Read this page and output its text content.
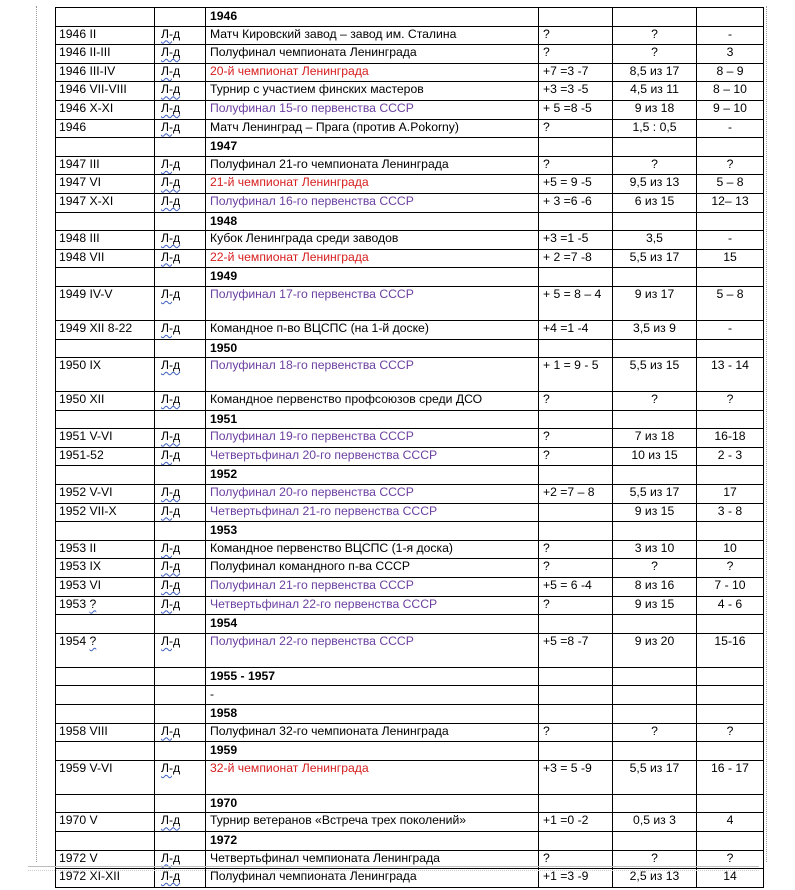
		1946			
1946 II	Л-д	Матч Кировский завод – завод им. Сталина	?	?	-
1946 II-III	Л-д	Полуфинал чемпионата Ленинграда	?	?	3
1946 III-IV	Л-д	20-й чемпионат Ленинграда	+7 =3 -7	8,5 из 17	8 – 9
1946 VII-VIII	Л-д	Турнир с участием финских мастеров	+3 =3 -5	4,5 из 11	8 – 10
1946 X-XI	Л-д	Полуфинал 15-го первенства СССР	+ 5 =8 -5	9 из 18	9 – 10
1946	Л-д	Матч Ленинград – Прага (против А.Pokorny)	?	1,5 : 0,5	-
		1947			
1947 III	Л-д	Полуфинал 21-го чемпионата Ленинграда	?	?	?
1947 VI	Л-д	21-й чемпионат Ленинграда	+5 = 9 -5	9,5 из 13	5 – 8
1947 X-XI	Л-д	Полуфинал 16-го первенства СССР	+ 3 =6 -6	6 из 15	12– 13
		1948			
1948 III	Л-д	Кубок Ленинграда среди заводов	+3 =1 -5	3,5	-
1948 VII	Л-д	22-й чемпионат Ленинграда	+ 2 =7 -8	5,5 из 17	15
		1949			
1949 IV-V	Л-д	Полуфинал 17-го первенства СССР	+ 5 = 8 – 4	9 из 17	5 – 8
1949 XII 8-22	Л-д	Командное п-во ВЦСПС (на 1-й доске)	+4 =1 -4	3,5 из 9	-
		1950			
1950 IX	Л-д	Полуфинал 18-го первенства СССР	+ 1 = 9 - 5	5,5 из 15	13 - 14
1950 XII	Л-д	Командное первенство профсоюзов среди ДСО	?	?	?
		1951			
1951 V-VI	Л-д	Полуфинал 19-го первенства СССР	?	7 из 18	16-18
1951-52	Л-д	Четвертьфинал 20-го первенства СССР	?	10 из 15	2 - 3
		1952			
1952 V-VI	Л-д	Полуфинал 20-го первенства СССР	+2 =7 – 8	5,5 из 17	17
1952 VII-X	Л-д	Четвертьфинал 21-го первенства СССР		9 из 15	3 - 8
		1953			
1953 II	Л-д	Командное первенство ВЦСПС (1-я доска)	?	3 из 10	10
1953 IX	Л-д	Полуфинал командного п-ва СССР	?	?	?
1953 VI	Л-д	Полуфинал 21-го первенства СССР	+5 = 6 -4	8 из 16	7 - 10
1953 ?	Л-д	Четвертьфинал 22-го первенства СССР	?	9 из 15	4 - 6
		1954			
1954 ?	Л-д	Полуфинал 22-го первенства СССР	+5 =8 -7	9 из 20	15-16
		1955 - 1957			
		-			
		1958			
1958 VIII	Л-д	Полуфинал 32-го чемпионата Ленинграда	?	?	?
		1959			
1959 V-VI	Л-д	32-й чемпионат Ленинграда	+3 = 5 -9	5,5 из 17	16 - 17
		1970			
1970 V	Л-д	Турнир ветеранов «Встреча трех поколений»	+1 =0 -2	0,5 из 3	4
		1972			
1972 V	Л-д	Четвертьфинал чемпионата Ленинграда	?	?	?
1972 XI-XII	Л-д	Полуфинал чемпионата Ленинграда	+1 =3 -9	2,5 из 13	14
